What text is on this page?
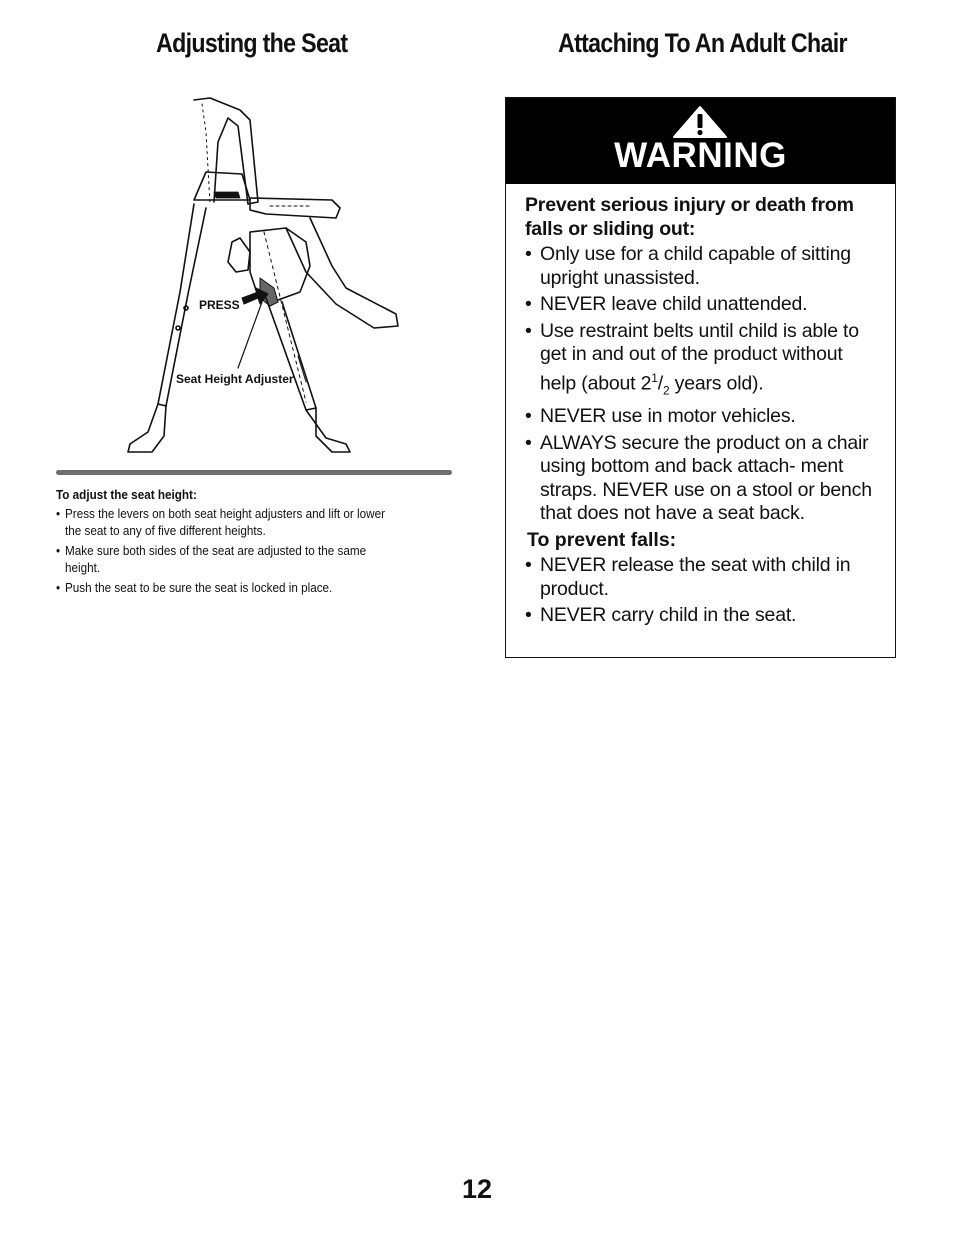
Adjusting the Seat	Attaching To An Adult Chair
PRESS
Seat Height Adjuster
To adjust the seat height:
• Press the levers on both seat height adjusters and lift or lower the seat to any of five different heights.
• Make sure both sides of the seat are adjusted to the same height.
• Push the seat to be sure the seat is locked in place.
WARNING
Prevent serious injury or death from falls or sliding out:
• Only use for a child capable of sitting upright unassisted.
• NEVER leave child unattended.
• Use restraint belts until child is able to get in and out of the product without help (about $2^1/_2$ years old).
• NEVER use in motor vehicles.
• ALWAYS secure the product on a chair using bottom and back attach- ment straps. NEVER use on a stool or bench that does not have a seat back.
To prevent falls:
• NEVER release the seat with child in product.
• NEVER carry child in the seat.
12
